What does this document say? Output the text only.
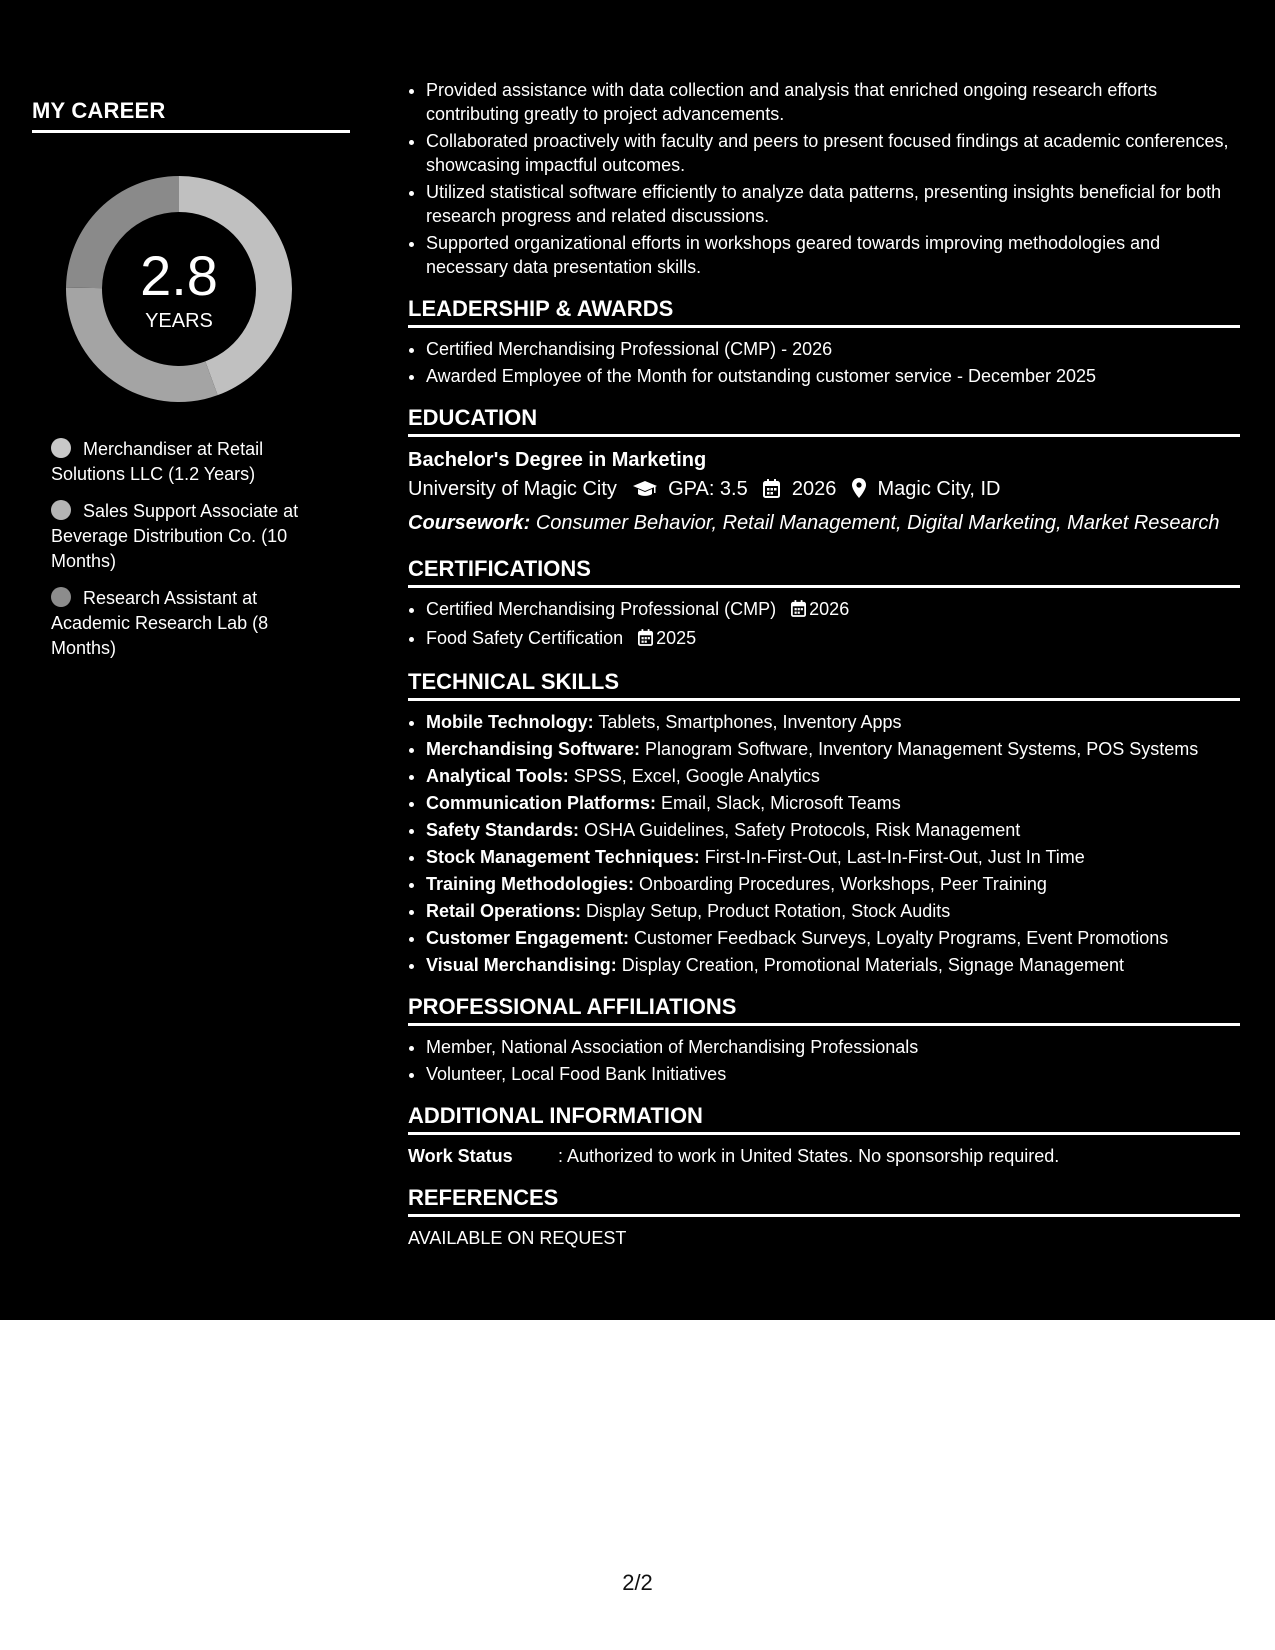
MY CAREER
2.8
YEARS
Merchandiser at Retail Solutions LLC (1.2 Years)
Sales Support Associate at Beverage Distribution Co. (10 Months)
Research Assistant at Academic Research Lab (8 Months)
• Provided assistance with data collection and analysis that enriched ongoing research efforts contributing greatly to project advancements.
• Collaborated proactively with faculty and peers to present focused findings at academic conferences, showcasing impactful outcomes.
• Utilized statistical software efficiently to analyze data patterns, presenting insights beneficial for both research progress and related discussions.
• Supported organizational efforts in workshops geared towards improving methodologies and necessary data presentation skills.
LEADERSHIP & AWARDS
• Certified Merchandising Professional (CMP) - 2026
• Awarded Employee of the Month for outstanding customer service - December 2025
EDUCATION
Bachelor's Degree in Marketing
University of Magic City	GPA: 3.5 2026 Magic City, ID
Coursework: Consumer Behavior, Retail Management, Digital Marketing, Market Research
CERTIFICATIONS
• Certified Merchandising Professional (CMP) 2026
• Food Safety Certification 2025
TECHNICAL SKILLS
• Mobile Technology: Tablets, Smartphones, Inventory Apps
• Merchandising Software: Planogram Software, Inventory Management Systems, POS Systems
• Analytical Tools: SPSS, Excel, Google Analytics
• Communication Platforms: Email, Slack, Microsoft Teams
• Safety Standards: OSHA Guidelines, Safety Protocols, Risk Management
• Stock Management Techniques: First-In-First-Out, Last-In-First-Out, Just In Time
• Training Methodologies: Onboarding Procedures, Workshops, Peer Training
• Retail Operations: Display Setup, Product Rotation, Stock Audits
• Customer Engagement: Customer Feedback Surveys, Loyalty Programs, Event Promotions
• Visual Merchandising: Display Creation, Promotional Materials, Signage Management
PROFESSIONAL AFFILIATIONS
• Member, National Association of Merchandising Professionals
• Volunteer, Local Food Bank Initiatives
ADDITIONAL INFORMATION
Work Status	: Authorized to work in United States. No sponsorship required.
REFERENCES
AVAILABLE ON REQUEST
2/2
